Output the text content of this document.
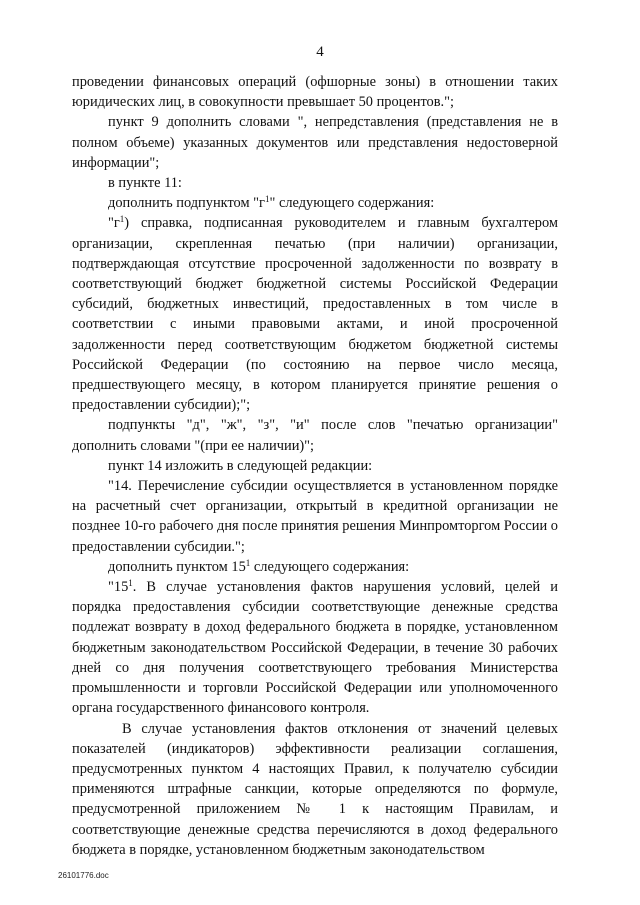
4

проведении финансовых операций (офшорные зоны) в отношении таких юридических лиц, в совокупности превышает 50 процентов.";

пункт 9 дополнить словами ", непредставления (представления не в полном объеме) указанных документов или представления недостоверной информации";

в пункте 11:

дополнить подпунктом "$г^1$" следующего содержания:

"$г^1$) справка, подписанная руководителем и главным бухгалтером организации, скрепленная печатью (при наличии) организации, подтверждающая отсутствие просроченной задолженности по возврату в соответствующий бюджет бюджетной системы Российской Федерации субсидий, бюджетных инвестиций, предоставленных в том числе в соответствии с иными правовыми актами, и иной просроченной задолженности перед соответствующим бюджетом бюджетной системы Российской Федерации (по состоянию на первое число месяца, предшествующего месяцу, в котором планируется принятие решения о предоставлении субсидии);";

подпункты "д", "ж", "з", "и" после слов "печатью организации" дополнить словами "(при ее наличии)";

пункт 14 изложить в следующей редакции:

"14. Перечисление субсидии осуществляется в установленном порядке на расчетный счет организации, открытый в кредитной организации не позднее 10-го рабочего дня после принятия решения Минпромторгом России о предоставлении субсидии.";

дополнить пунктом $15^1$ следующего содержания:

"$15^1$. В случае установления фактов нарушения условий, целей и порядка предоставления субсидии соответствующие денежные средства подлежат возврату в доход федерального бюджета в порядке, установленном бюджетным законодательством Российской Федерации, в течение 30 рабочих дней со дня получения соответствующего требования Министерства промышленности и торговли Российской Федерации или уполномоченного органа государственного финансового контроля.

В случае установления фактов отклонения от значений целевых показателей (индикаторов) эффективности реализации соглашения, предусмотренных пунктом 4 настоящих Правил, к получателю субсидии применяются штрафные санкции, которые определяются по формуле, предусмотренной приложением № 1 к настоящим Правилам, и соответствующие денежные средства перечисляются в доход федерального бюджета в порядке, установленном бюджетным законодательством

26101776.doc
